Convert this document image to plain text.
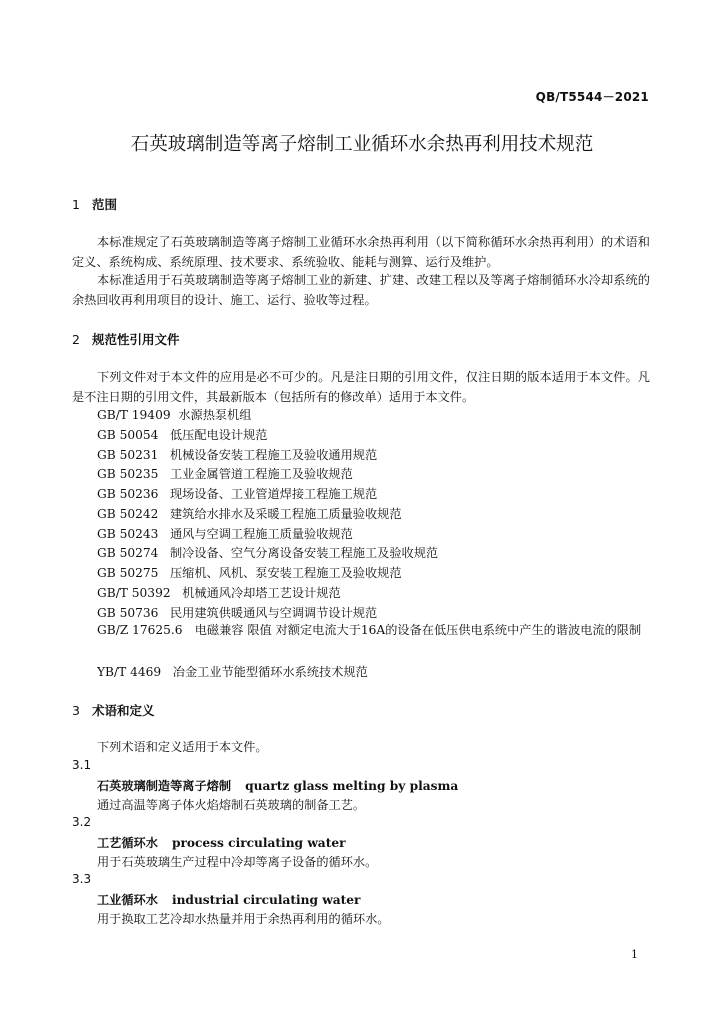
QB/T5544－2021
石英玻璃制造等离子熔制工业循环水余热再利用技术规范
1 范围

本标准规定了石英玻璃制造等离子熔制工业循环水余热再利用（以下简称循环水余热再利用）的术语和定义、系统构成、系统原理、技术要求、系统验收、能耗与测算、运行及维护。

本标准适用于石英玻璃制造等离子熔制工业的新建、扩建、改建工程以及等离子熔制循环水冷却系统的余热回收再利用项目的设计、施工、运行、验收等过程。

2 规范性引用文件

下列文件对于本文件的应用是必不可少的。凡是注日期的引用文件，仅注日期的版本适用于本文件。凡是不注日期的引用文件，其最新版本（包括所有的修改单）适用于本文件。

GB/T 19409 水源热泵机组
GB 50054 低压配电设计规范
GB 50231 机械设备安装工程施工及验收通用规范
GB 50235 工业金属管道工程施工及验收规范
GB 50236 现场设备、工业管道焊接工程施工规范
GB 50242 建筑给水排水及采暖工程施工质量验收规范
GB 50243 通风与空调工程施工质量验收规范
GB 50274 制冷设备、空气分离设备安装工程施工及验收规范
GB 50275 压缩机、风机、泵安装工程施工及验收规范
GB/T 50392 机械通风冷却塔工艺设计规范
GB 50736 民用建筑供暖通风与空调调节设计规范

GB/Z 17625.6　电磁兼容 限值 对额定电流大于16A的设备在低压供电系统中产生的谐波电流的限制

YB/T 4469 冶金工业节能型循环水系统技术规范
3 术语和定义
下列术语和定义适用于本文件。
3.1
石英玻璃制造等离子熔制 quartz glass melting by plasma
通过高温等离子体火焰熔制石英玻璃的制备工艺。
3.2
工艺循环水 process circulating water
用于石英玻璃生产过程中冷却等离子设备的循环水。
3.3
工业循环水 industrial circulating water
用于换取工艺冷却水热量并用于余热再利用的循环水。
1
